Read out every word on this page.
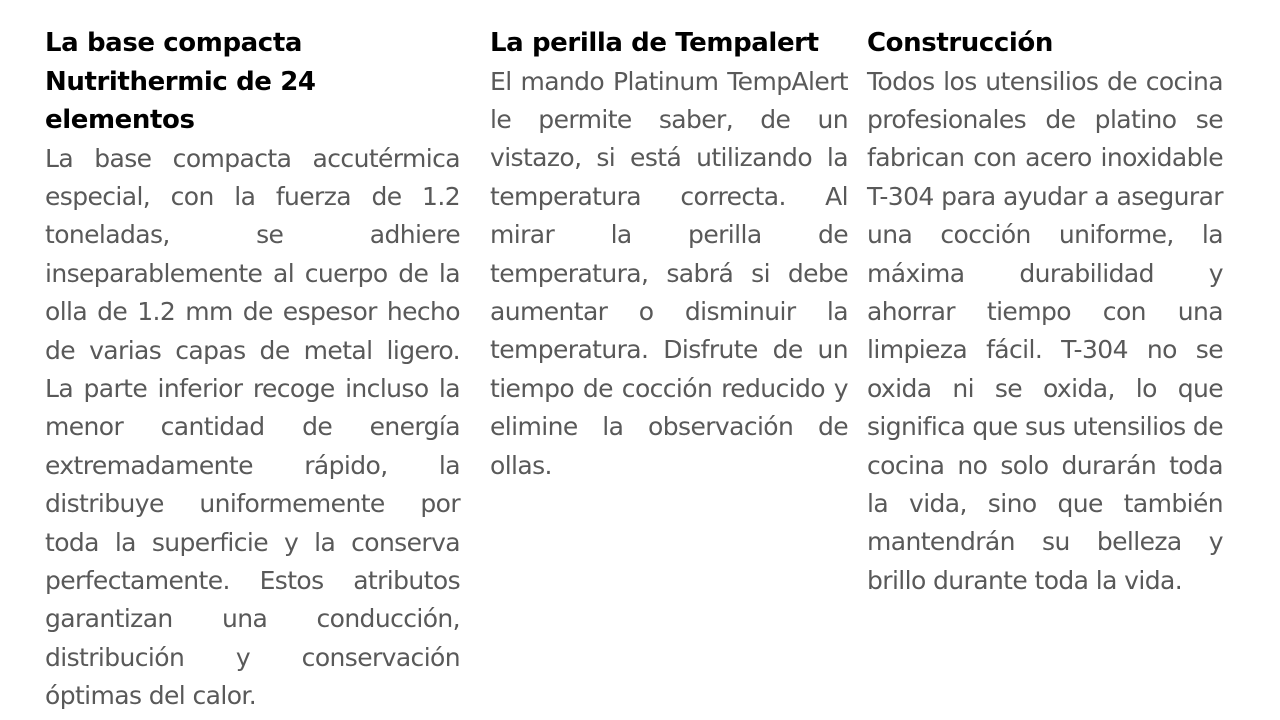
La base compacta Nutrithermic de 24 elementos

La base compacta accutérmica especial, con la fuerza de 1.2 toneladas, se adhiere inseparablemente al cuerpo de la olla de 1.2 mm de espesor hecho de varias capas de metal ligero. La parte inferior recoge incluso la menor cantidad de energía extremadamente rápido, la distribuye uniformemente por toda la superficie y la conserva perfectamente. Estos atributos garantizan una conducción, distribución y conservación óptimas del calor.

La perilla de Tempalert

El mando Platinum TempAlert le permite saber, de un vistazo, si está utilizando la temperatura correcta. Al mirar la perilla de temperatura, sabrá si debe aumentar o disminuir la temperatura. Disfrute de un tiempo de cocción reducido y elimine la observación de ollas.

Construcción

Todos los utensilios de cocina profesionales de platino se fabrican con acero inoxidable T-304 para ayudar a asegurar una cocción uniforme, la máxima durabilidad y ahorrar tiempo con una limpieza fácil. T-304 no se oxida ni se oxida, lo que significa que sus utensilios de cocina no solo durarán toda la vida, sino que también mantendrán su belleza y brillo durante toda la vida.
